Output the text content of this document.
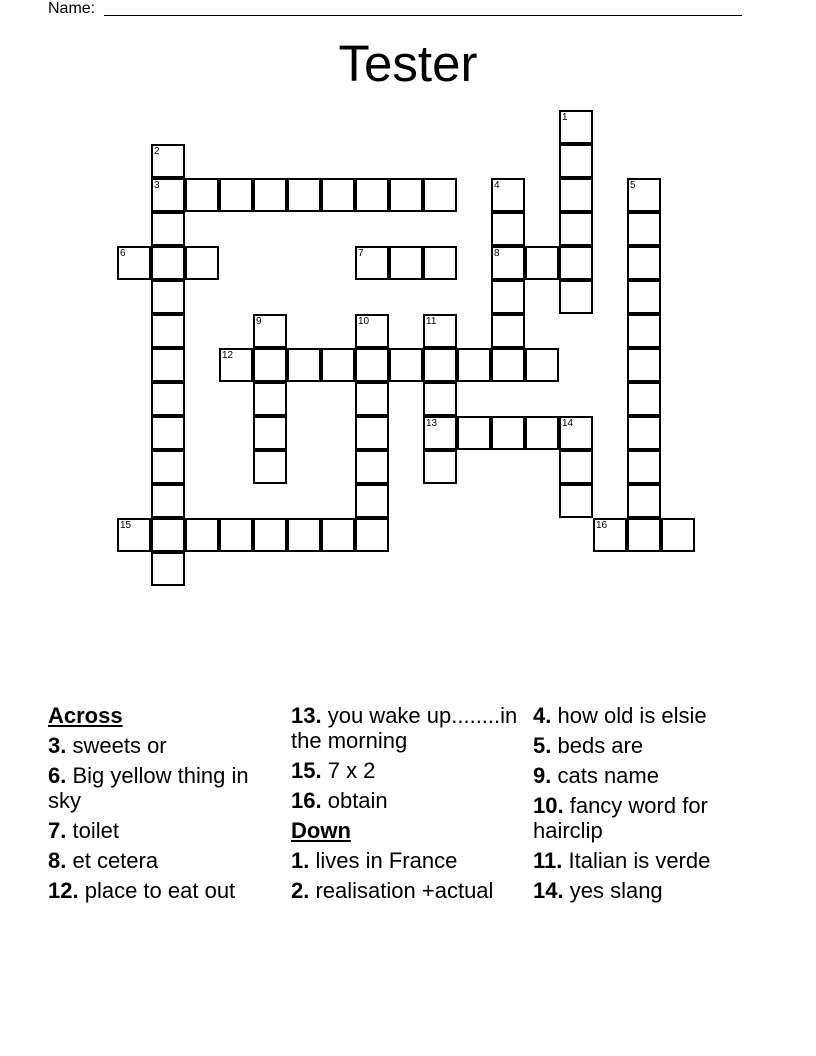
Name:
Tester
1
2
3	4	5
6	7	8
9	10	11
12
13	14
15	16
Across
3. sweets or
6. Big yellow thing in sky
7. toilet
8. et cetera
12. place to eat out
13. you wake up........in the morning
15. 7 x 2
16. obtain
Down
1. lives in France
2. realisation +actual
4. how old is elsie
5. beds are
9. cats name
10. fancy word for hairclip
11. Italian is verde
14. yes slang
